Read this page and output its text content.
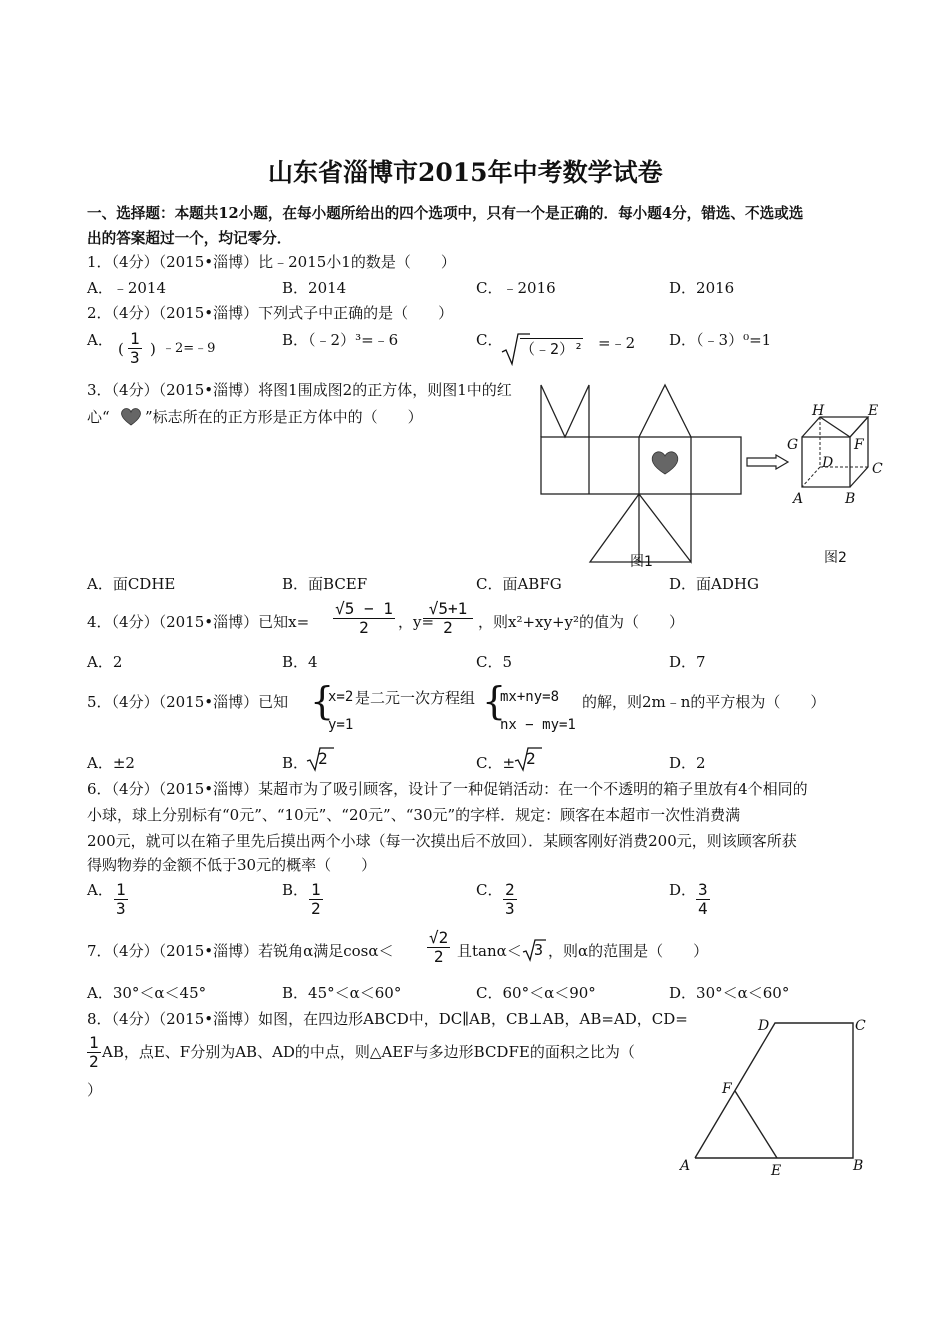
山东省淄博市2015年中考数学试卷
一、选择题：本题共12小题，在每小题所给出的四个选项中，只有一个是正确的．每小题4分，错选、不选或选
出的答案超过一个，均记零分．
1．（4分）（2015•淄博）比﹣2015小1的数是（　　）
A．﹣2014	B．2014	C．﹣2016	D．2016
2．（4分）（2015•淄博）下列式子中正确的是（　　）
A． ( $\frac{1}{3}$ ) ﹣2=﹣9	B．（﹣2）³=﹣6	C． （﹣2）² =﹣2 D．（﹣3）⁰=1
3．（4分）（2015•淄博）将图1围成图2的正方体，则图1中的红
心“ ”标志所在的正方形是正方体中的（　　）
图1
H	E
G	F
D	C
A	B
图2
A．面CDHE	B．面BCEF	C．面ABFG	D．面ADHG
4．（4分）（2015•淄博）已知$x= \frac{√5 - 1}{2}$ ，y=
$\frac{√5+1}{2}$ ，则x²+xy+y²的值为（　　）
A．2	B．4	C．5	D．7
5．（4分）（2015•淄博）已知 {
x=2
y=1
是二元一次方程组 {
mx+ny=8
nx − my=1
的解，则2m﹣n的平方根为（　　）
A．±2	B． 2	C．± 2	D．2
6．（4分）（2015•淄博）某超市为了吸引顾客，设计了一种促销活动：在一个不透明的箱子里放有4个相同的
小球，球上分别标有“0元”、“10元”、“20元”、“30元”的字样．规定：顾客在本超市一次性消费满
200元，就可以在箱子里先后摸出两个小球（每一次摸出后不放回）．某顾客刚好消费200元，则该顾客所获
得购物券的金额不低于30元的概率（　　）
A． $\frac{1}{3}$	B． $\frac{1}{2}$	C． $\frac{2}{3}$	D． $\frac{3}{4}$
7．（4分）（2015•淄博）若锐角α满足$\cos\alpha< \frac{√2}{2}$ 且tanα＜ 3 ，则α的范围是（　　）
A．30°＜α＜45°	B．45°＜α＜60°	C．60°＜α＜90°	D．30°＜α＜60°
8．（4分）（2015•淄博）如图，在四边形ABCD中，DC∥AB，CB⊥AB，AB=AD，CD=
$\frac{1}{2}$ AB，点E、F分别为AB、AD的中点，则△AEF与多边形BCDFE的面积之比为（
）
D	C
F
A	E	B
